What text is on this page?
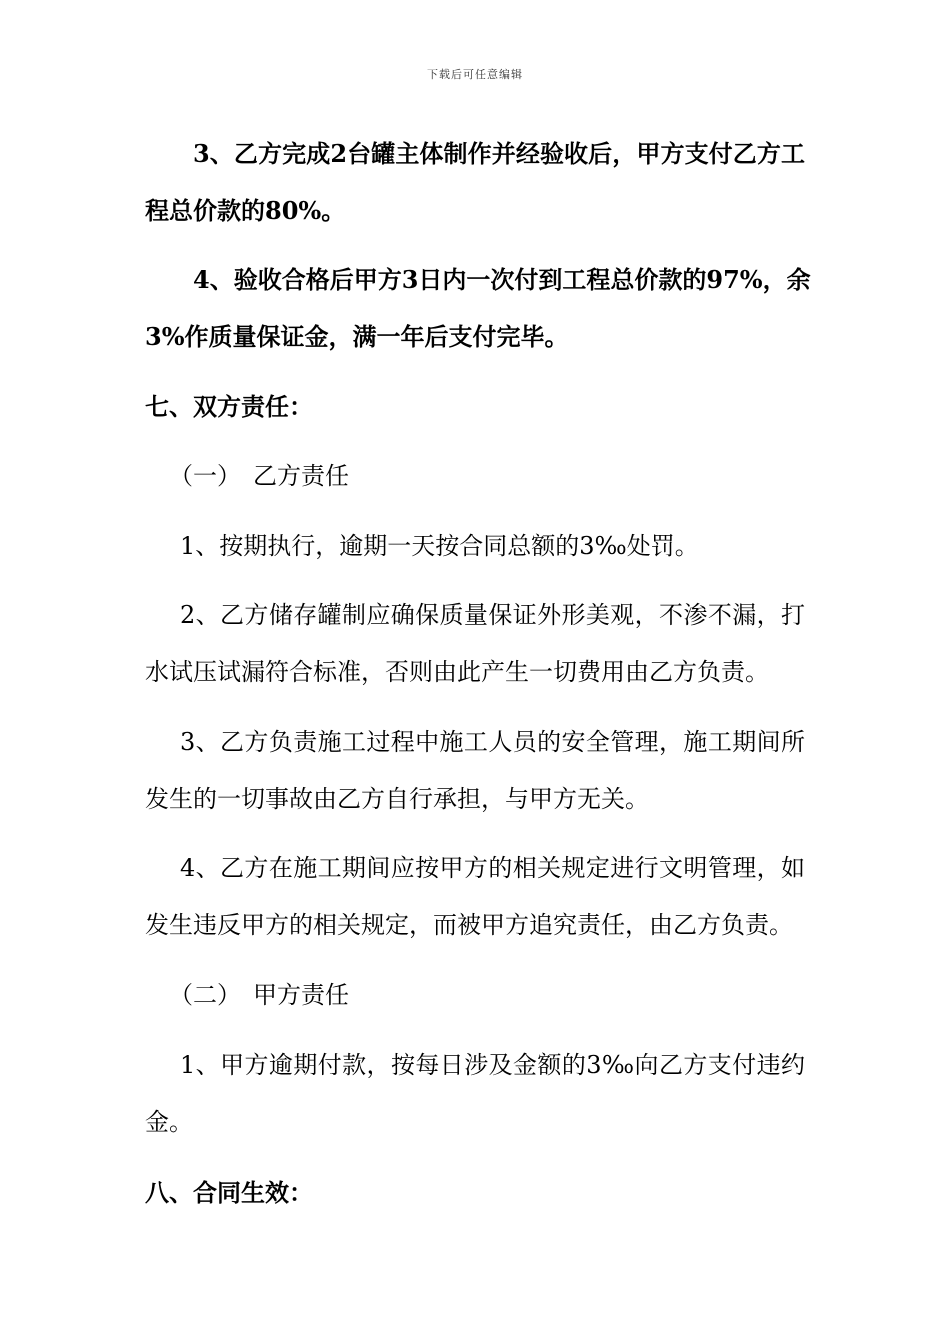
下载后可任意编辑
3、乙方完成2台罐主体制作并经验收后，甲方支付乙方工
程总价款的80%。
4、验收合格后甲方3日内一次付到工程总价款的97%，余
3%作质量保证金，满一年后支付完毕。
七、双方责任：
（一）　乙方责任
1、按期执行，逾期一天按合同总额的3‰处罚。
2、乙方储存罐制应确保质量保证外形美观，不渗不漏，打
水试压试漏符合标准，否则由此产生一切费用由乙方负责。
3、乙方负责施工过程中施工人员的安全管理，施工期间所
发生的一切事故由乙方自行承担，与甲方无关。
4、乙方在施工期间应按甲方的相关规定进行文明管理，如
发生违反甲方的相关规定，而被甲方追究责任，由乙方负责。
（二）　甲方责任
1、甲方逾期付款，按每日涉及金额的3‰向乙方支付违约
金。
八、合同生效：
